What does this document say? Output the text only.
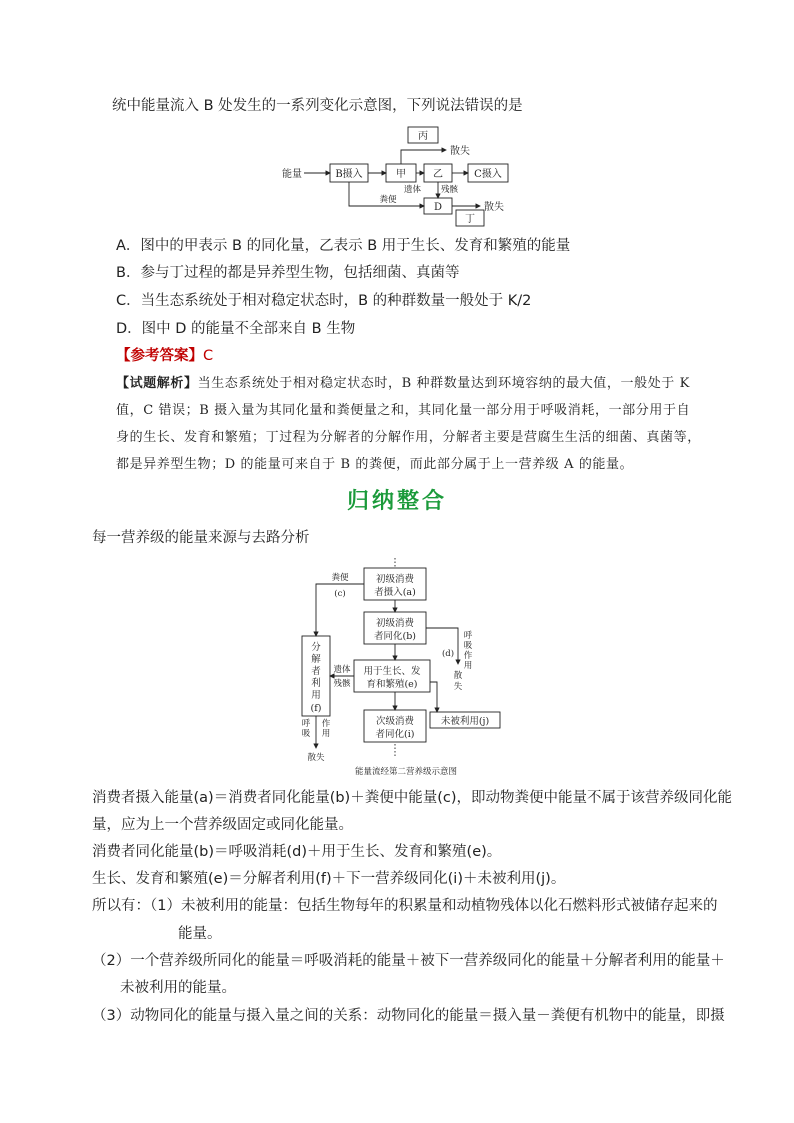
统中能量流入 B 处发生的一系列变化示意图，下列说法错误的是
能量	B摄入	甲
丙
散失
乙	C摄入
D
丁
散失
遗体 残骸
粪便
A．图中的甲表示 B 的同化量，乙表示 B 用于生长、发育和繁殖的能量
B．参与丁过程的都是异养型生物，包括细菌、真菌等
C．当生态系统处于相对稳定状态时，B 的种群数量一般处于 K/2
D．图中 D 的能量不全部来自 B 生物
【参考答案】C
【试题解析】当生态系统处于相对稳定状态时，B 种群数量达到环境容纳的最大值，一般处于 K
值，C 错误；B 摄入量为其同化量和粪便量之和，其同化量一部分用于呼吸消耗，一部分用于自
身的生长、发育和繁殖；丁过程为分解者的分解作用，分解者主要是营腐生生活的细菌、真菌等，
都是异养型生物；D 的能量可来自于 B 的粪便，而此部分属于上一营养级 A 的能量。
归纳整合
每一营养级的能量来源与去路分析
初级消费
者摄入(a)
初级消费
者同化(b)
用于生长、发
育和繁殖(e)
次级消费
者同化(i)
未被利用(j)
分
解
者
利
用
(f)
粪便
(c)
遗体
残骸
(d)
呼
吸
作
用
散
失
呼
吸
作
用
散失
能量流经第二营养级示意图
消费者摄入能量(a)＝消费者同化能量(b)＋粪便中能量(c)，即动物粪便中能量不属于该营养级同化能
量，应为上一个营养级固定或同化能量。
消费者同化能量(b)＝呼吸消耗(d)＋用于生长、发育和繁殖(e)。
生长、发育和繁殖(e)＝分解者利用(f)＋下一营养级同化(i)＋未被利用(j)。
所以有：（1）未被利用的能量：包括生物每年的积累量和动植物残体以化石燃料形式被储存起来的
能量。
（2）一个营养级所同化的能量＝呼吸消耗的能量＋被下一营养级同化的能量＋分解者利用的能量＋
未被利用的能量。
（3）动物同化的能量与摄入量之间的关系：动物同化的能量＝摄入量－粪便有机物中的能量，即摄
